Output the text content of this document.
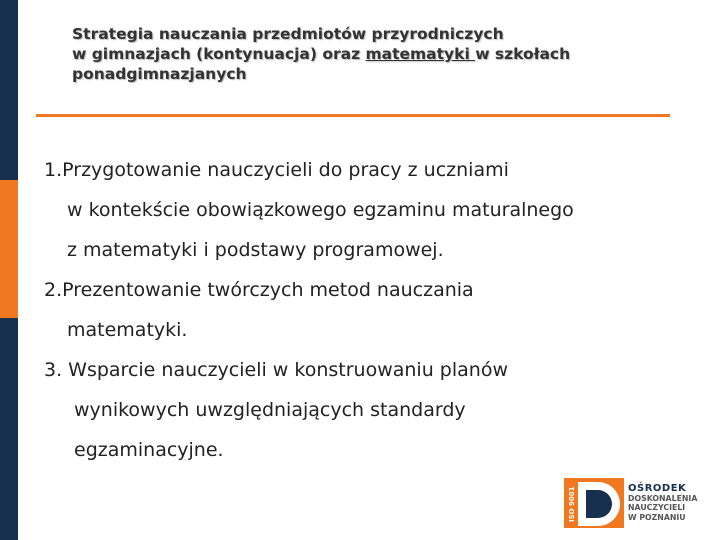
Strategia nauczania przedmiotów przyrodniczych
w gimnazjach (kontynuacja) oraz matematyki w szkołach
ponadgimnazjanych
1.Przygotowanie nauczycieli do pracy z uczniami
w kontekście obowiązkowego egzaminu maturalnego
z matematyki i podstawy programowej.
2.Prezentowanie twórczych metod nauczania
matematyki.
3. Wsparcie nauczycieli w konstruowaniu planów
wynikowych uwzględniających standardy
egzaminacyjne.
ISO 9001	OŚRODEK
DOSKONALENIA
NAUCZYCIELI
W POZNANIU
